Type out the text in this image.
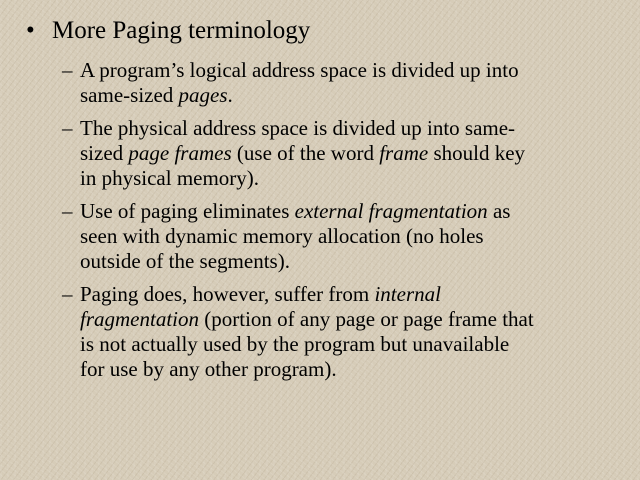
• More Paging terminology
– A program’s logical address space is divided up into
same-sized pages.

– The physical address space is divided up into same-
sized page frames (use of the word frame should key
in physical memory).

– Use of paging eliminates external fragmentation as
seen with dynamic memory allocation (no holes
outside of the segments).

– Paging does, however, suffer from internal
fragmentation (portion of any page or page frame that
is not actually used by the program but unavailable
for use by any other program).
